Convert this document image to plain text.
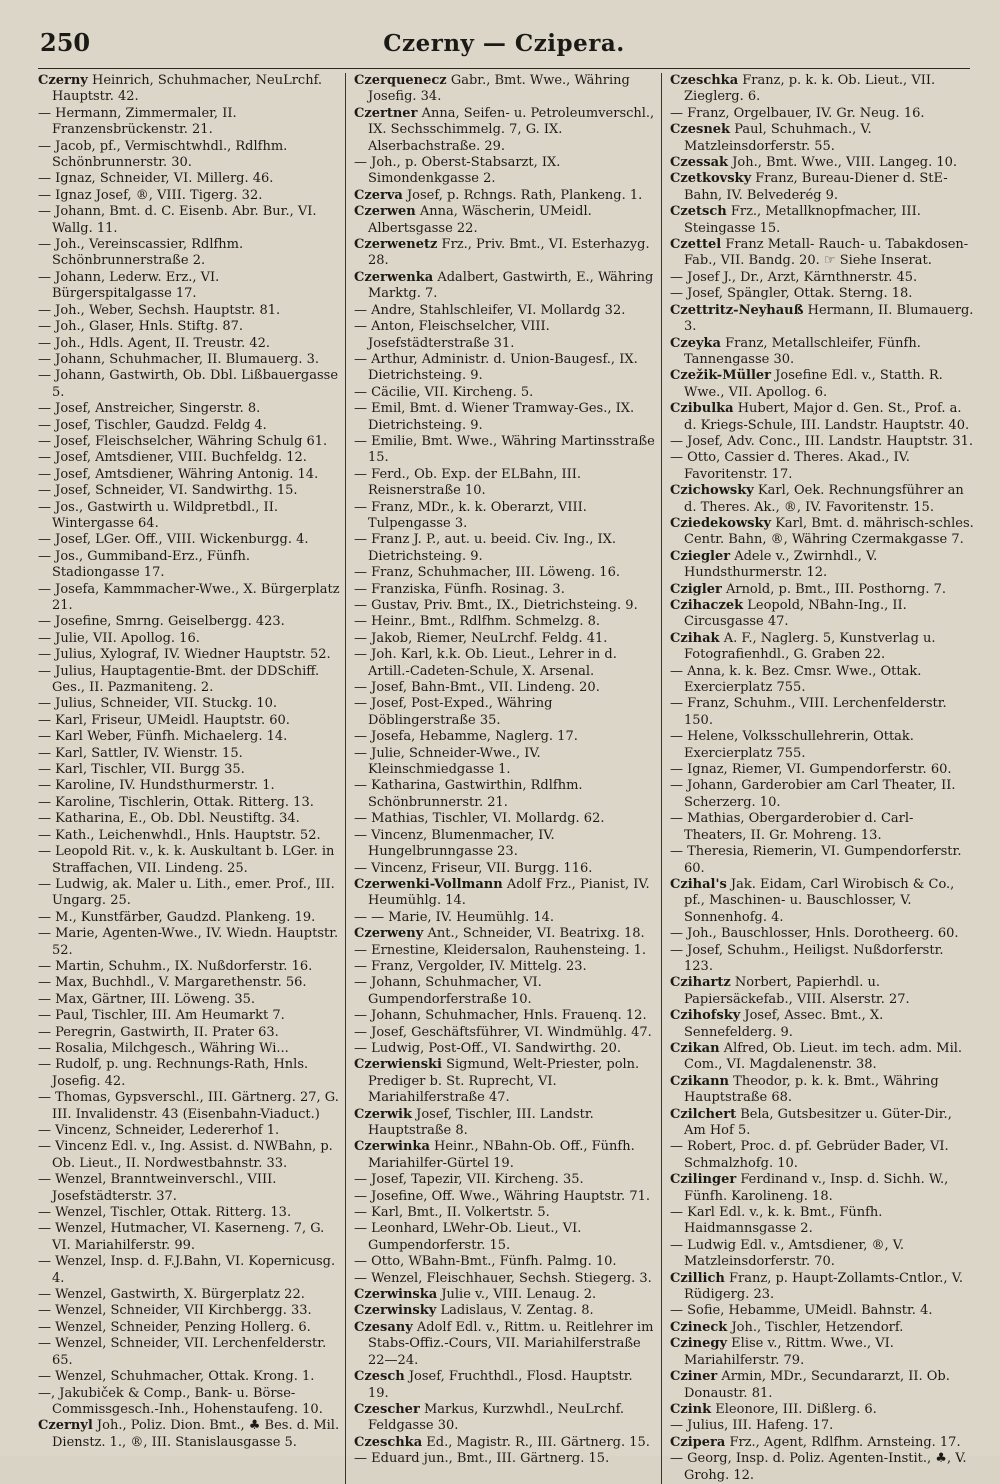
250	Czerny — Czipera.

Czerny Heinrich, Schuhmacher, NeuLrchf. Hauptstr. 42.

— Hermann, Zimmermaler, II. Franzensbrückenstr. 21.

— Jacob, pf., Vermischtwhdl., Rdlfhm. Schönbrunnerstr. 30.

— Ignaz, Schneider, VI. Millerg. 46.

— Ignaz Josef, ®, VIII. Tigerg. 32.

— Johann, Bmt. d. C. Eisenb. Abr. Bur., VI. Wallg. 11.

— Joh., Vereinscassier, Rdlfhm. Schönbrunnerstraße 2.

— Johann, Lederw. Erz., VI. Bürgerspitalgasse 17.

— Joh., Weber, Sechsh. Hauptstr. 81.

— Joh., Glaser, Hnls. Stiftg. 87.

— Joh., Hdls. Agent, II. Treustr. 42.

— Johann, Schuhmacher, II. Blumauerg. 3.

— Johann, Gastwirth, Ob. Dbl. Lißbauergasse 5.

— Josef, Anstreicher, Singerstr. 8.

— Josef, Tischler, Gaudzd. Feldg 4.

— Josef, Fleischselcher, Währing Schulg 61.

— Josef, Amtsdiener, VIII. Buchfeldg. 12.

— Josef, Amtsdiener, Währing Antonig. 14.

— Josef, Schneider, VI. Sandwirthg. 15.

— Jos., Gastwirth u. Wildpretbdl., II. Wintergasse 64.

— Josef, LGer. Off., VIII. Wickenburgg. 4.

— Jos., Gummiband-Erz., Fünfh. Stadiongasse 17.

— Josefa, Kammmacher-Wwe., X. Bürgerplatz 21.

— Josefine, Smrng. Geiselbergg. 423.

— Julie, VII. Apollog. 16.

— Julius, Xylograf, IV. Wiedner Hauptstr. 52.

— Julius, Hauptagentie-Bmt. der DDSchiff. Ges., II. Pazmaniteng. 2.

— Julius, Schneider, VII. Stuckg. 10.

— Karl, Friseur, UMeidl. Hauptstr. 60.

— Karl Weber, Fünfh. Michaelerg. 14.

— Karl, Sattler, IV. Wienstr. 15.

— Karl, Tischler, VII. Burgg 35.

— Karoline, IV. Hundsthurmerstr. 1.

— Karoline, Tischlerin, Ottak. Ritterg. 13.

— Katharina, E., Ob. Dbl. Neustiftg. 34.

— Kath., Leichenwhdl., Hnls. Hauptstr. 52.

— Leopold Rit. v., k. k. Auskultant b. LGer. in Straffachen, VII. Lindeng. 25.

— Ludwig, ak. Maler u. Lith., emer. Prof., III. Ungarg. 25.

— M., Kunstfärber, Gaudzd. Plankeng. 19.

— Marie, Agenten-Wwe., IV. Wiedn. Hauptstr. 52.

— Martin, Schuhm., IX. Nußdorferstr. 16.

— Max, Buchhdl., V. Margarethenstr. 56.

— Max, Gärtner, III. Löweng. 35.

— Paul, Tischler, III. Am Heumarkt 7.

— Peregrin, Gastwirth, II. Prater 63.

— Rosalia, Milchgesch., Währing Wi...

— Rudolf, p. ung. Rechnungs-Rath, Hnls. Josefig. 42.

— Thomas, Gypsverschl., III. Gärtnerg. 27, G. III. Invalidenstr. 43 (Eisenbahn-Viaduct.)

— Vincenz, Schneider, Ledererhof 1.

— Vincenz Edl. v., Ing. Assist. d. NWBahn, p. Ob. Lieut., II. Nordwestbahnstr. 33.

— Wenzel, Branntweinverschl., VIII. Josefstädterstr. 37.

— Wenzel, Tischler, Ottak. Ritterg. 13.

— Wenzel, Hutmacher, VI. Kaserneng. 7, G. VI. Mariahilferstr. 99.

— Wenzel, Insp. d. F.J.Bahn, VI. Kopernicusg. 4.

— Wenzel, Gastwirth, X. Bürgerplatz 22.

— Wenzel, Schneider, VII Kirchbergg. 33.

— Wenzel, Schneider, Penzing Hollerg. 6.

— Wenzel, Schneider, VII. Lerchenfelderstr. 65.

— Wenzel, Schuhmacher, Ottak. Krong. 1.

—, Jakubiček & Comp., Bank- u. Börse-Commissgesch.-Inh., Hohenstaufeng. 10.

Czernyl Joh., Poliz. Dion. Bmt., ♣ Bes. d. Mil. Dienstz. 1., ®, III. Stanislausgasse 5.

Czerquenecz Gabr., Bmt. Wwe., Währing Josefig. 34.

Czertner Anna, Seifen- u. Petroleumverschl., IX. Sechsschimmelg. 7, G. IX. Alserbachstraße. 29.

— Joh., p. Oberst-Stabsarzt, IX. Simondenkgasse 2.

Czerva Josef, p. Rchngs. Rath, Plankeng. 1.

Czerwen Anna, Wäscherin, UMeidl. Albertsgasse 22.

Czerwenetz Frz., Priv. Bmt., VI. Esterhazyg. 28.

Czerwenka Adalbert, Gastwirth, E., Währing Marktg. 7.

— Andre, Stahlschleifer, VI. Mollardg 32.

— Anton, Fleischselcher, VIII. Josefstädterstraße 31.

— Arthur, Administr. d. Union-Baugesf., IX. Dietrichsteing. 9.

— Cäcilie, VII. Kircheng. 5.

— Emil, Bmt. d. Wiener Tramway-Ges., IX. Dietrichsteing. 9.

— Emilie, Bmt. Wwe., Währing Martinsstraße 15.

— Ferd., Ob. Exp. der ELBahn, III. Reisnerstraße 10.

— Franz, MDr., k. k. Oberarzt, VIII. Tulpengasse 3.

— Franz J. P., aut. u. beeid. Civ. Ing., IX. Dietrichsteing. 9.

— Franz, Schuhmacher, III. Löweng. 16.

— Franziska, Fünfh. Rosinag. 3.

— Gustav, Priv. Bmt., IX., Dietrichsteing. 9.

— Heinr., Bmt., Rdlfhm. Schmelzg. 8.

— Jakob, Riemer, NeuLrchf. Feldg. 41.

— Joh. Karl, k.k. Ob. Lieut., Lehrer in d. Artill.-Cadeten-Schule, X. Arsenal.

— Josef, Bahn-Bmt., VII. Lindeng. 20.

— Josef, Post-Exped., Währing Döblingerstraße 35.

— Josefa, Hebamme, Naglerg. 17.

— Julie, Schneider-Wwe., IV. Kleinschmiedgasse 1.

— Katharina, Gastwirthin, Rdlfhm. Schönbrunnerstr. 21.

— Mathias, Tischler, VI. Mollardg. 62.

— Vincenz, Blumenmacher, IV. Hungelbrunngasse 23.

— Vincenz, Friseur, VII. Burgg. 116.

Czerwenki-Vollmann Adolf Frz., Pianist, IV. Heumühlg. 14.

— — Marie, IV. Heumühlg. 14.

Czerweny Ant., Schneider, VI. Beatrixg. 18.

— Ernestine, Kleidersalon, Rauhensteing. 1.

— Franz, Vergolder, IV. Mittelg. 23.

— Johann, Schuhmacher, VI. Gumpendorferstraße 10.

— Johann, Schuhmacher, Hnls. Frauenq. 12.

— Josef, Geschäftsführer, VI. Windmühlg. 47.

— Ludwig, Post-Off., VI. Sandwirthg. 20.

Czerwienski Sigmund, Welt-Priester, poln. Prediger b. St. Ruprecht, VI. Mariahilferstraße 47.

Czerwik Josef, Tischler, III. Landstr. Hauptstraße 8.

Czerwinka Heinr., NBahn-Ob. Off., Fünfh. Mariahilfer-Gürtel 19.

— Josef, Tapezir, VII. Kircheng. 35.

— Josefine, Off. Wwe., Währing Hauptstr. 71.

— Karl, Bmt., II. Volkertstr. 5.

— Leonhard, LWehr-Ob. Lieut., VI. Gumpendorferstr. 15.

— Otto, WBahn-Bmt., Fünfh. Palmg. 10.

— Wenzel, Fleischhauer, Sechsh. Stiegerg. 3.

Czerwinska Julie v., VIII. Lenaug. 2.

Czerwinsky Ladislaus, V. Zentag. 8.

Czesany Adolf Edl. v., Rittm. u. Reitlehrer im Stabs-Offiz.-Cours, VII. Mariahilferstraße 22—24.

Czesch Josef, Fruchthdl., Flosd. Hauptstr. 19.

Czescher Markus, Kurzwhdl., NeuLrchf. Feldgasse 30.

Czeschka Ed., Magistr. R., III. Gärtnerg. 15.

— Eduard jun., Bmt., III. Gärtnerg. 15.

Czeschka Franz, p. k. k. Ob. Lieut., VII. Zieglerg. 6.

— Franz, Orgelbauer, IV. Gr. Neug. 16.

Czesnek Paul, Schuhmach., V. Matzleinsdorferstr. 55.

Czessak Joh., Bmt. Wwe., VIII. Langeg. 10.

Czetkovsky Franz, Bureau-Diener d. StE-Bahn, IV. Belvederég 9.

Czetsch Frz., Metallknopfmacher, III. Steingasse 15.

Czettel Franz Metall- Rauch- u. Tabakdosen-Fab., VII. Bandg. 20. ☞ Siehe Inserat.

— Josef J., Dr., Arzt, Kärnthnerstr. 45.

— Josef, Spängler, Ottak. Sterng. 18.

Czettritz-Neyhauß Hermann, II. Blumauerg. 3.

Czeyka Franz, Metallschleifer, Fünfh. Tannengasse 30.

Czežik-Müller Josefine Edl. v., Statth. R. Wwe., VII. Apollog. 6.

Czibulka Hubert, Major d. Gen. St., Prof. a. d. Kriegs-Schule, III. Landstr. Hauptstr. 40.

— Josef, Adv. Conc., III. Landstr. Hauptstr. 31.

— Otto, Cassier d. Theres. Akad., IV. Favoritenstr. 17.

Czichowsky Karl, Oek. Rechnungsführer an d. Theres. Ak., ®, IV. Favoritenstr. 15.

Cziedekowsky Karl, Bmt. d. mährisch-schles. Centr. Bahn, ®, Währing Czermakgasse 7.

Cziegler Adele v., Zwirnhdl., V. Hundsthurmerstr. 12.

Czigler Arnold, p. Bmt., III. Posthorng. 7.

Czihaczek Leopold, NBahn-Ing., II. Circusgasse 47.

Czihak A. F., Naglerg. 5, Kunstverlag u. Fotografienhdl., G. Graben 22.

— Anna, k. k. Bez. Cmsr. Wwe., Ottak. Exercierplatz 755.

— Franz, Schuhm., VIII. Lerchenfelderstr. 150.

— Helene, Volksschullehrerin, Ottak. Exercierplatz 755.

— Ignaz, Riemer, VI. Gumpendorferstr. 60.

— Johann, Garderobier am Carl Theater, II. Scherzerg. 10.

— Mathias, Obergarderobier d. Carl-Theaters, II. Gr. Mohreng. 13.

— Theresia, Riemerin, VI. Gumpendorferstr. 60.

Czihal's Jak. Eidam, Carl Wirobisch & Co., pf., Maschinen- u. Bauschlosser, V. Sonnenhofg. 4.

— Joh., Bauschlosser, Hnls. Dorotheerg. 60.

— Josef, Schuhm., Heiligst. Nußdorferstr. 123.

Czihartz Norbert, Papierhdl. u. Papiersäckefab., VIII. Alserstr. 27.

Czihofsky Josef, Assec. Bmt., X. Sennefelderg. 9.

Czikan Alfred, Ob. Lieut. im tech. adm. Mil. Com., VI. Magdalenenstr. 38.

Czikann Theodor, p. k. k. Bmt., Währing Hauptstraße 68.

Czilchert Bela, Gutsbesitzer u. Güter-Dir., Am Hof 5.

— Robert, Proc. d. pf. Gebrüder Bader, VI. Schmalzhofg. 10.

Czilinger Ferdinand v., Insp. d. Sichh. W., Fünfh. Karolineng. 18.

— Karl Edl. v., k. k. Bmt., Fünfh. Haidmannsgasse 2.

— Ludwig Edl. v., Amtsdiener, ®, V. Matzleinsdorferstr. 70.

Czillich Franz, p. Haupt-Zollamts-Cntlor., V. Rüdigerg. 23.

— Sofie, Hebamme, UMeidl. Bahnstr. 4.

Czineck Joh., Tischler, Hetzendorf.

Czinegy Elise v., Rittm. Wwe., VI. Mariahilferstr. 79.

Cziner Armin, MDr., Secundararzt, II. Ob. Donaustr. 81.

Czink Eleonore, III. Dißlerg. 6.

— Julius, III. Hafeng. 17.

Czipera Frz., Agent, Rdlfhm. Arnsteing. 17.

— Georg, Insp. d. Poliz. Agenten-Instit., ♣, V. Grohg. 12.
